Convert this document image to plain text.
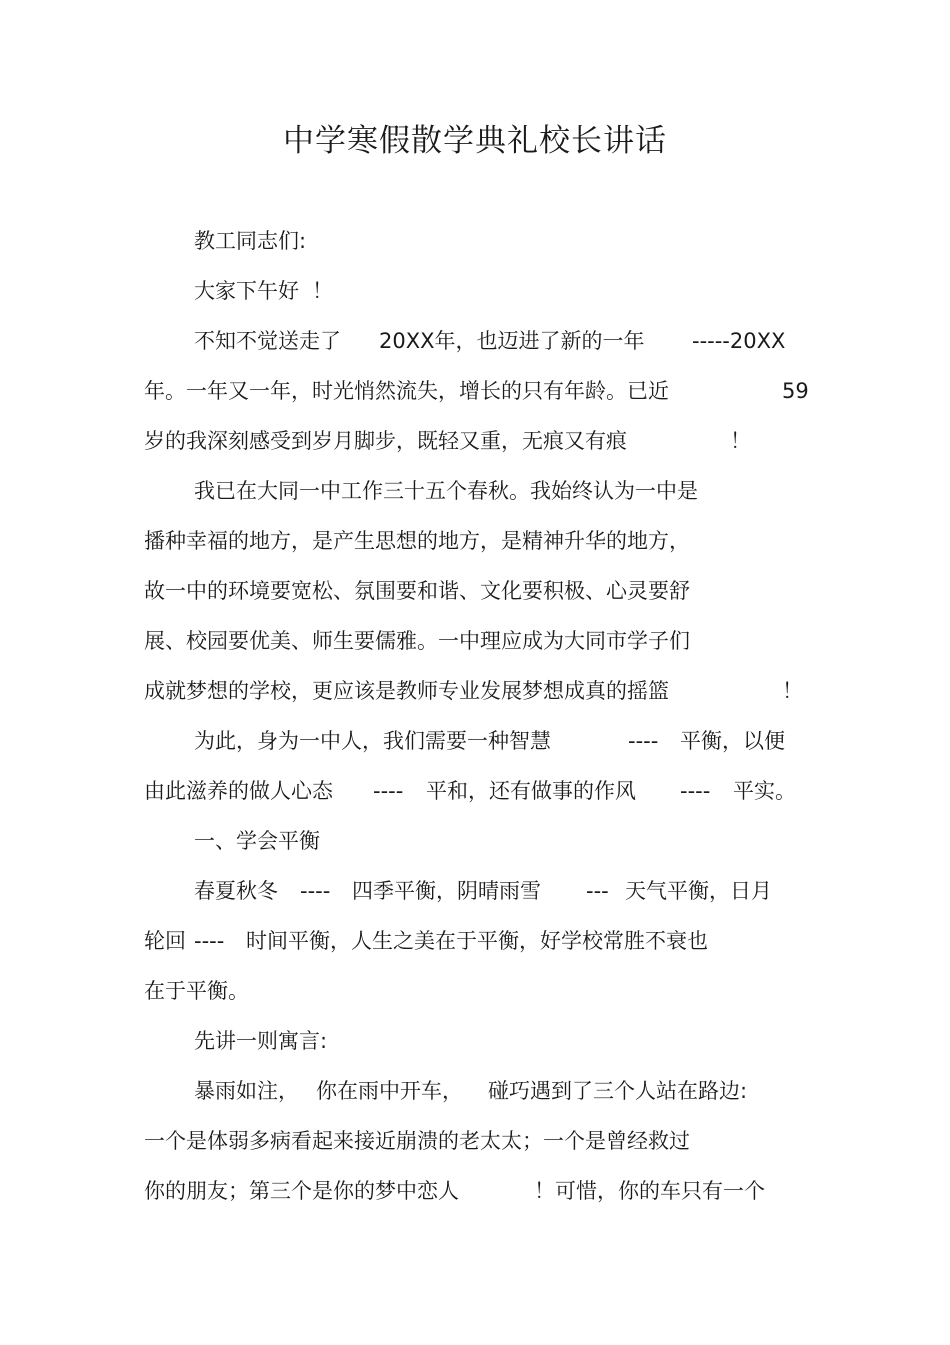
中学寒假散学典礼校长讲话
教工同志们:
大家下午好 ！
不知不觉送走了 20XX年，也迈进了新的一年 -----20XX
年。一年又一年，时光悄然流失，增长的只有年龄。已近	59
岁的我深刻感受到岁月脚步，既轻又重，无痕又有痕	！
我已在大同一中工作三十五个春秋。我始终认为一中是
播种幸福的地方，是产生思想的地方，是精神升华的地方，
故一中的环境要宽松、氛围要和谐、文化要积极、心灵要舒
展、校园要优美、师生要儒雅。一中理应成为大同市学子们
成就梦想的学校，更应该是教师专业发展梦想成真的摇篮	！
为此，身为一中人，我们需要一种智慧	---- 平衡，以便
由此滋养的做人心态 ---- 平和，还有做事的作风 ---- 平实。
一、学会平衡
春夏秋冬 ---- 四季平衡，阴晴雨雪 --- 天气平衡，日月
轮回 ---- 时间平衡，人生之美在于平衡，好学校常胜不衰也
在于平衡。
先讲一则寓言:
暴雨如注， 你在雨中开车， 碰巧遇到了三个人站在路边:
一个是体弱多病看起来接近崩溃的老太太；一个是曾经救过
你的朋友；第三个是你的梦中恋人	！可惜，你的车只有一个
